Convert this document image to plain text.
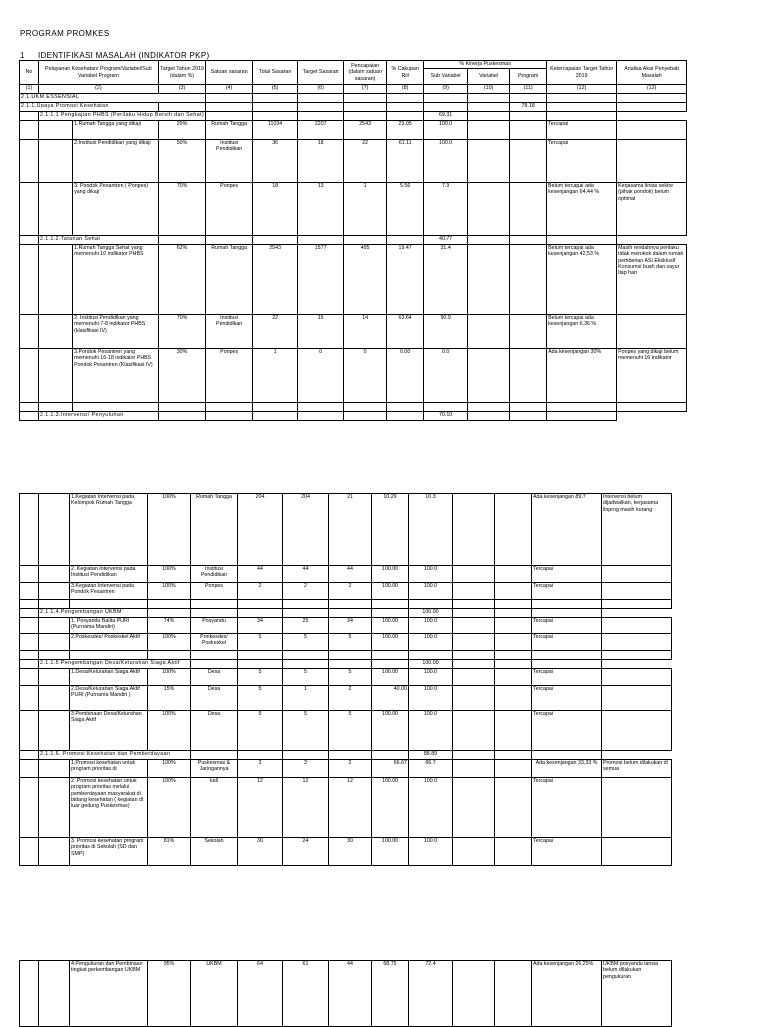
PROGRAM PROMKES
1 IDENTIFIKASI MASALAH (INDIKATOR PKP)
No	Pelayanan Kesehatan/ Program/Variabel/Sub Variabel Program		Target Tahun 2019 (dalam %)	Satuan sasaran	Total Sasaran	Target Sasaran	Pencapaian (dalam satuan sasaran)	% Cakupan Riil	% Kinerja Puskesmas			Ketercapaian Target Tahun 2019	Analisa Akar Penyebab Masalah
									Sub Variabel	Variabel	Program		
(1)	(2)		(3)	(4)	(5)	(6)	(7)	(8)	(9)	(10)	(11)	(12)	(13)
2.1.UKM ESSENSIAL													
2.1.1.Upaya Promosi Kesehatan											78.18		
	2.1.1.1 Pengkajian PHBS (Perilaku Hidup Bersih dan Sehat)								69.31				
		1.Rumah Tangga yang dikaji	20%	Rumah Tangga	11034	2207	2543	23.05	100.0			Tercapai	
		2.Institusi Pendidikan yang dikaji	50%	Institusi Pendidikan	36	18	22	61.11	100.0			Tercapai	
		3. Pondok Pesantren ( Ponpes) yang dikaji	70%	Ponpes	18	13	1	5.56	7.9			Belum tercapai ada kesenjangan 64,44 %	Kerjasama lintas sektor (pihak pondok) belum optimal
	2.1.1.2.Tatanan Sehat								40.77				
		1.Rumah Tangga Sehat yang memenuhi 10 indikator PHBS	62%	Rumah Tangga	2543	1577	495	19.47	31.4			Belum tercapai ada kesenjangan 42,53 %	Masih rendahnya perilaku tidak merokok dalam rumah pemberian ASI Eksklusif Konsumsi buah dan sayur tiap hari
		2. Institusi Pendidikan yang memenuhi 7-8 indikator PHBS (klasifikasi IV)	70%	Institusi Pendidikan	22	15	14	63.64	90.9			Belum tercapai ada kesenjangan 6,36 %	
		3.Pondok Pesantren yang memenuhi 16-18 indikator PHBS Pondok Pesantren (Klasifikasi IV)	30%	Ponpes	1	0	0	0.00	0.0			Ada kesenjangan 30%	Ponpes yang dikaji belum memenuhi 16 indikator

	2.1.1.3.Intervensi/ Penyuluhan								70.10				
		1.Kegiatan Intervensi pada Kelompok Rumah Tangga	100%	Rumah Tangga	204	204	21	10.29	10.3			Ada kesenjangan 89,7	Intervensi belum dijadwalkan, kerjasama linprog masih kurang
		2. Kegiatan Intervensi pada Institusi Pendidikan	100%	Institusi Pendidikan	44	44	44	100.00	100.0			Tercapai	
		3.Kegiatan Intervensi pada Pondok Pesantren	100%	Ponpes	2	2	2	100.00	100.0			Tercapai	

	2.1.1.4.Pengembangan UKBM								100.00				
		1. Posyandu Balita PURI (Purnama Mandiri)	74%	Posyandu	34	25	34	100.00	100.0			Tercapai	
		2.Poskesdes/ Poskeskel Aktif	100%	Ponkesdes/ Poskeskel	5	5	5	100.00	100.0			Tercapai	

	2.1.1.5 Pengembangan Desa/Kelurahan Siaga Aktif								100.00				
		1.Desa/Kelurahan Siaga Aktif	100%	Desa	5	5	5	100.00	100.0			Tercapai	
		2.Desa/Kelurahan Siaga Aktif PURI (Purnama Mandiri )	15%	Desa	5	1	2	40.00	100.0			Tercapai	
		3.Pembinaan Desa/Kelurahan Siaga Aktif	100%	Desa	5	5	5	100.00	100.0			Tercapai	
	2.1.1.6. Promosi Kesehatan dan Pemberdayaan								88.89				
		1.Promosi kesehatan untuk program prioritas di	100%	Puskesmas & Jaringannya	3	3	2	66.67	66.7			Ada kesenjangan 33,33 %	Promosi belum dilakukan di semua
		2..Promosi kesehatan untuk program prioritas melalui pemberdayaan masyarakat di bidang kesehatan ( kegiatan di luar gedung Puskesmas)	100%	kali	12	12	12	100.00	100.0			Tercapai	
		3. Promosi kesehatan program prioritas di Sekolah (SD dan SMP)	81%	Sekolah	30	24	30	100.00	100.0			Tercapai	
		4.Pengukuran dan Pembinaan tingkat perkembangan UKBM	95%	UKBM	64	61	44	68.75	72.4			Ada kesenjangan 26,25%	UKBM posyandu lansia belum dilakukan pengukuran
